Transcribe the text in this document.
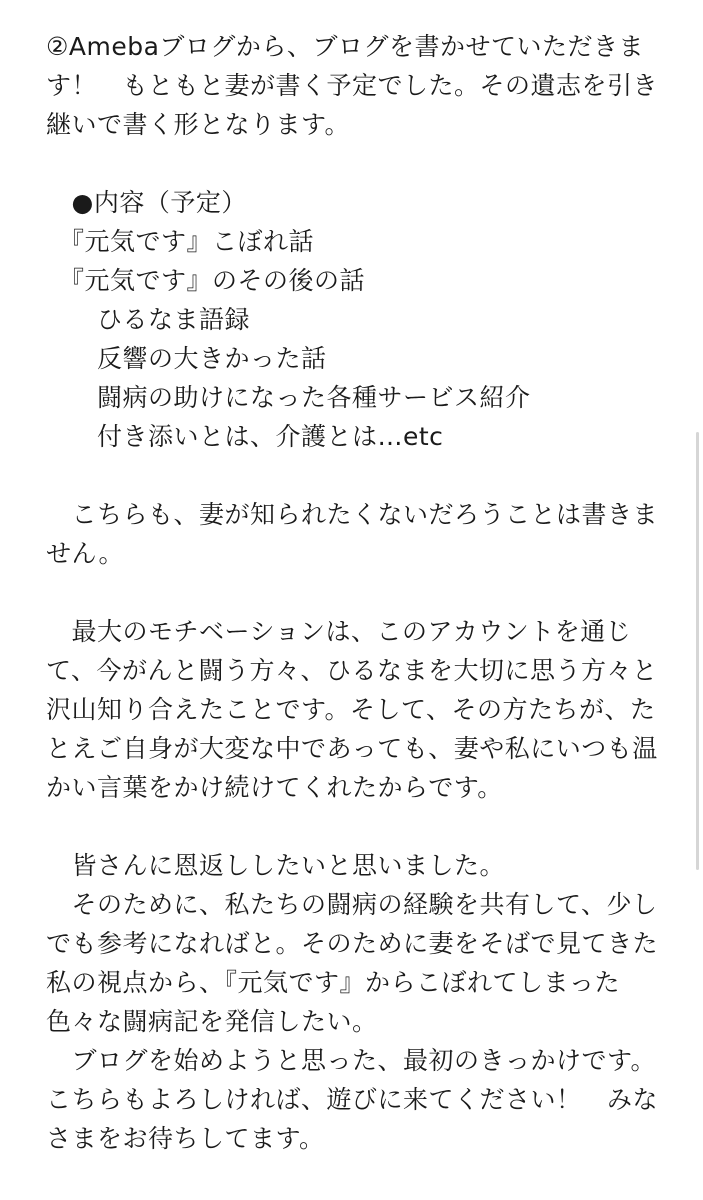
②Amebaブログから、ブログを書かせていただきま
す！　もともと妻が書く予定でした。その遺志を引き
継いで書く形となります。
　●内容（予定）
　『元気です』こぼれ話
　『元気です』のその後の話
　　ひるなま語録
　　反響の大きかった話
　　闘病の助けになった各種サービス紹介
　　付き添いとは、介護とは…etc
　こちらも、妻が知られたくないだろうことは書きま
せん。
　最大のモチベーションは、このアカウントを通じ
て、今がんと闘う方々、ひるなまを大切に思う方々と
沢山知り合えたことです。そして、その方たちが、た
とえご自身が大変な中であっても、妻や私にいつも温
かい言葉をかけ続けてくれたからです。
　皆さんに恩返ししたいと思いました。
　そのために、私たちの闘病の経験を共有して、少し
でも参考になればと。そのために妻をそばで見てきた
私の視点から、『元気です』からこぼれてしまった
色々な闘病記を発信したい。
　ブログを始めようと思った、最初のきっかけです。
こちらもよろしければ、遊びに来てください！　みな
さまをお待ちしてます。
